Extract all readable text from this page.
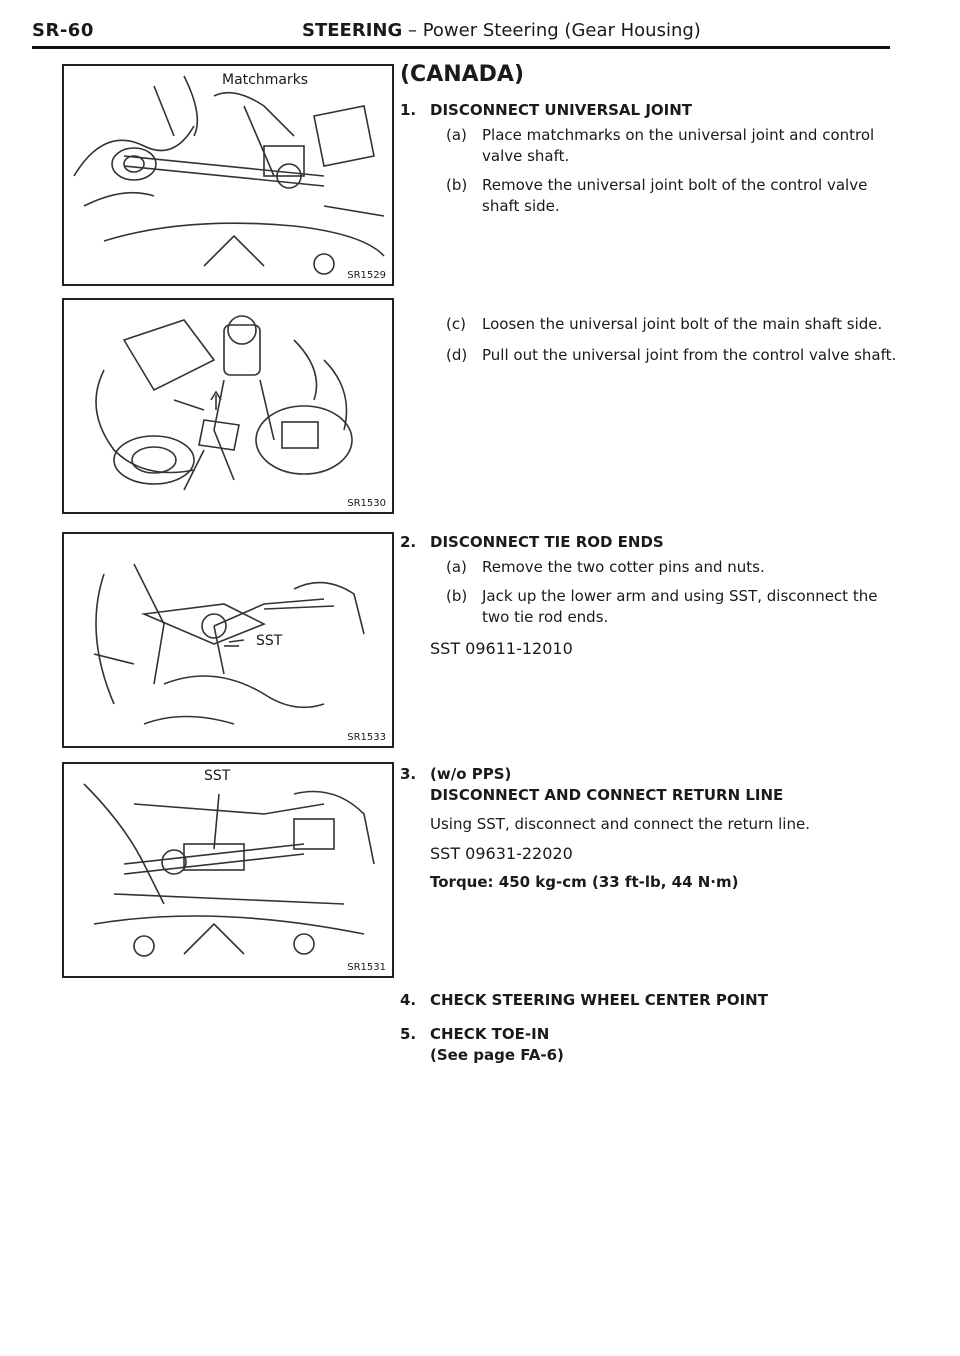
SR-60	STEERING – Power Steering (Gear Housing)
Matchmarks
SR1529
SR1530
SST
SR1533
SST
SR1531
(CANADA)
1. DISCONNECT UNIVERSAL JOINT
(a) Place matchmarks on the universal joint and control valve shaft.
(b) Remove the universal joint bolt of the control valve shaft side.
(c) Loosen the universal joint bolt of the main shaft side.
(d) Pull out the universal joint from the control valve shaft.
2. DISCONNECT TIE ROD ENDS
(a) Remove the two cotter pins and nuts.
(b) Jack up the lower arm and using SST, disconnect the two tie rod ends.
SST 09611-12010
3. (w/o PPS)
DISCONNECT AND CONNECT RETURN LINE
Using SST, disconnect and connect the return line.
SST 09631-22020
Torque: 450 kg-cm (33 ft-lb, 44 N·m)
4. CHECK STEERING WHEEL CENTER POINT
5. CHECK TOE-IN
(See page FA-6)
